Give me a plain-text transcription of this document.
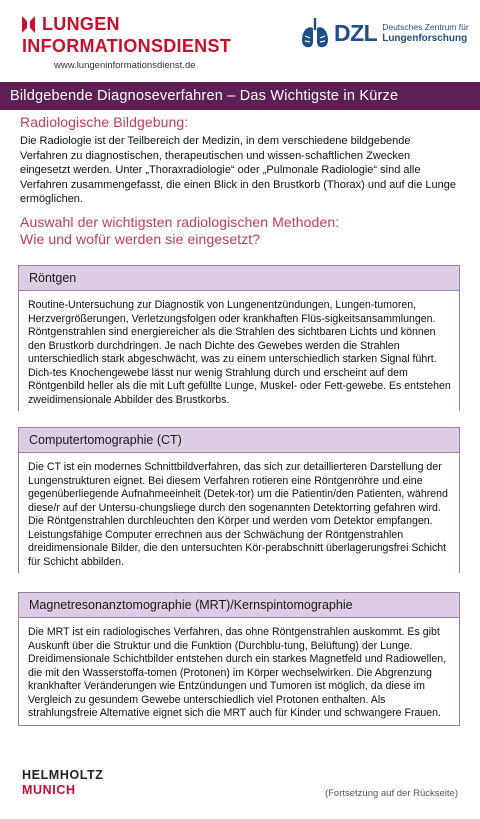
LUNGEN
INFORMATIONSDIENST
www.lungeninformationsdienst.de
DZL Deutsches Zentrum für
Lungenforschung
Bildgebende Diagnoseverfahren – Das Wichtigste in Kürze
Radiologische Bildgebung:
Die Radiologie ist der Teilbereich der Medizin, in dem verschiedene bildgebende Verfahren zu diagnostischen, therapeutischen und wissen-schaftlichen Zwecken eingesetzt werden. Unter „Thoraxradiologie“ oder „Pulmonale Radiologie“ sind alle Verfahren zusammengefasst, die einen Blick in den Brustkorb (Thorax) und auf die Lunge ermöglichen.
Auswahl der wichtigsten radiologischen Methoden:
Wie und wofür werden sie eingesetzt?
Röntgen
Routine-Untersuchung zur Diagnostik von Lungenentzündungen, Lungen-tumoren, Herzvergrößerungen, Verletzungsfolgen oder krankhaften Flüs-sigkeitsansammlungen. Röntgenstrahlen sind energiereicher als die Strahlen des sichtbaren Lichts und können den Brustkorb durchdringen. Je nach Dichte des Gewebes werden die Strahlen unterschiedlich stark abgeschwächt, was zu einem unterschiedlich starken Signal führt. Dich-tes Knochengewebe lässt nur wenig Strahlung durch und erscheint auf dem Röntgenbild heller als die mit Luft gefüllte Lunge, Muskel- oder Fett-gewebe. Es entstehen zweidimensionale Abbilder des Brustkorbs.
Computertomographie (CT)
Die CT ist ein modernes Schnittbildverfahren, das sich zur detaillierteren Darstellung der Lungenstrukturen eignet. Bei diesem Verfahren rotieren eine Röntgenröhre und eine gegenüberliegende Aufnahmeeinheit (Detek-tor) um die Patientin/den Patienten, während diese/r auf der Untersu-chungsliege durch den sogenannten Detektorring gefahren wird. Die Röntgenstrahlen durchleuchten den Körper und werden vom Detektor empfangen. Leistungsfähige Computer errechnen aus der Schwächung der Röntgenstrahlen dreidimensionale Bilder, die den untersuchten Kör-perabschnitt überlagerungsfrei Schicht für Schicht abbilden.
Magnetresonanztomographie (MRT)/Kernspintomographie
Die MRT ist ein radiologisches Verfahren, das ohne Röntgenstrahlen auskommt. Es gibt Auskunft über die Struktur und die Funktion (Durchblu-tung, Belüftung) der Lunge. Dreidimensionale Schichtbilder entstehen durch ein starkes Magnetfeld und Radiowellen, die mit den Wasserstoffa-tomen (Protonen) im Körper wechselwirken. Die Abgrenzung krankhafter Veränderungen wie Entzündungen und Tumoren ist möglich, da diese im Vergleich zu gesundem Gewebe unterschiedlich viel Protonen enthalten. Als strahlungsfreie Alternative eignet sich die MRT auch für Kinder und schwangere Frauen.
HELMHOLTZ
MUNICH	(Fortsetzung auf der Rückseite)
